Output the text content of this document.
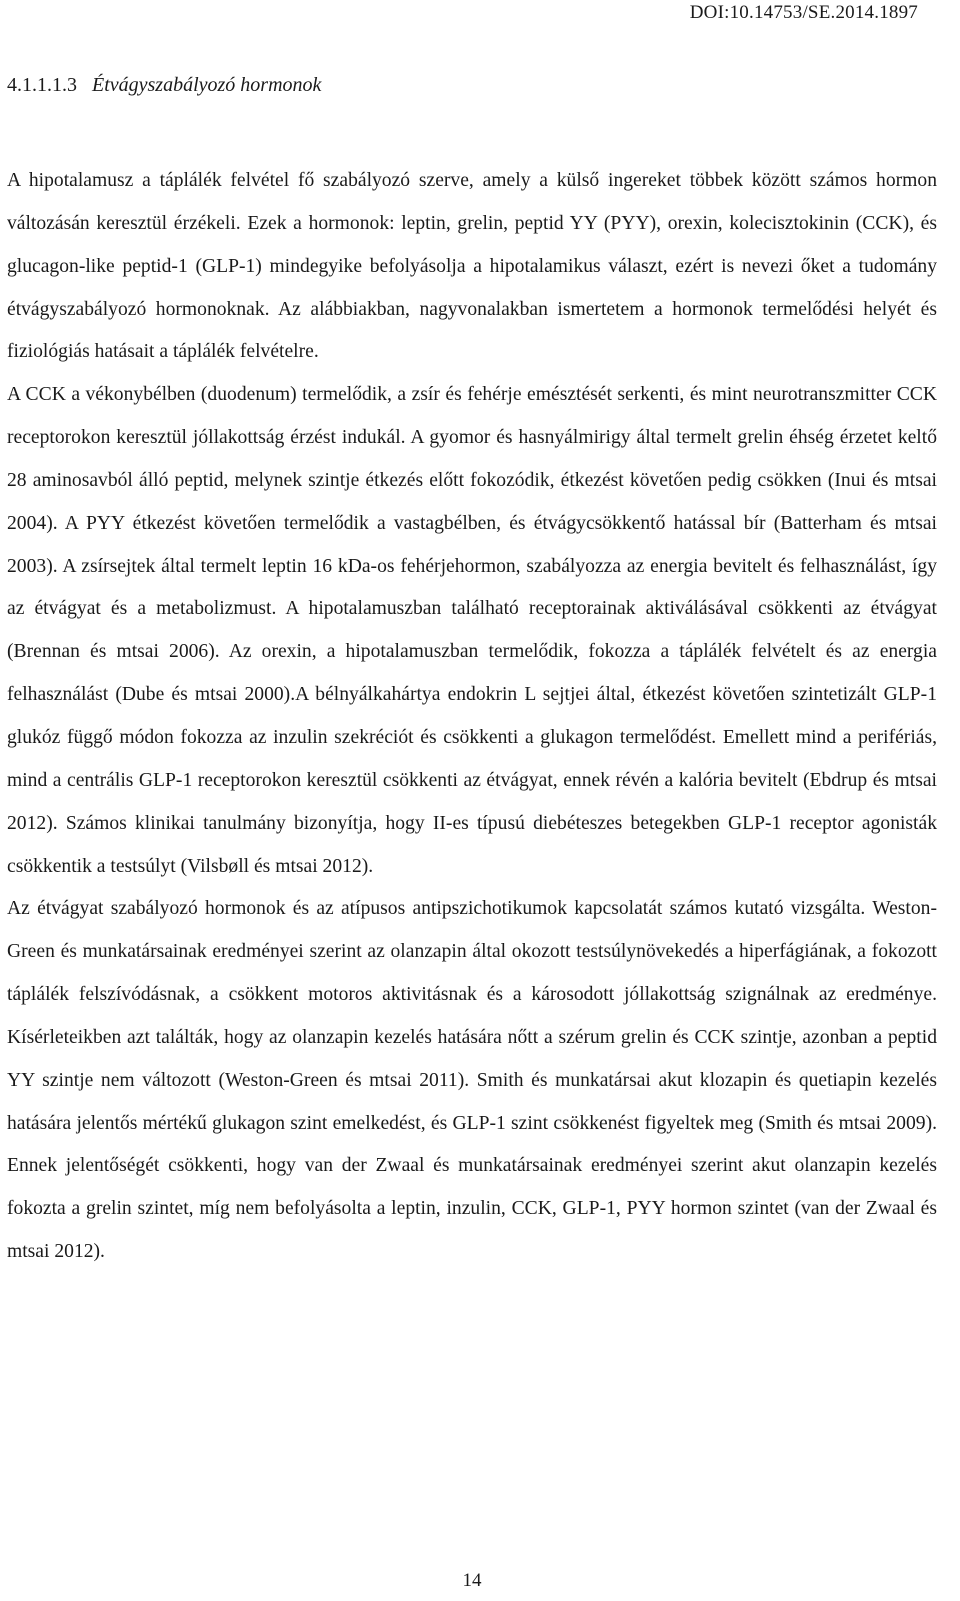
DOI:10.14753/SE.2014.1897
4.1.1.1.3 Étvágyszabályozó hormonok

A hipotalamusz a táplálék felvétel fő szabályozó szerve, amely a külső ingereket többek között számos hormon változásán keresztül érzékeli. Ezek a hormonok: leptin, grelin, peptid YY (PYY), orexin, kolecisztokinin (CCK), és glucagon-like peptid-1 (GLP-1) mindegyike befolyásolja a hipotalamikus választ, ezért is nevezi őket a tudomány étvágyszabályozó hormonoknak. Az alábbiakban, nagyvonalakban ismertetem a hormonok termelődési helyét és fiziológiás hatásait a táplálék felvételre.

A CCK a vékonybélben (duodenum) termelődik, a zsír és fehérje emésztését serkenti, és mint neurotranszmitter CCK receptorokon keresztül jóllakottság érzést indukál. A gyomor és hasnyálmirigy által termelt grelin éhség érzetet keltő 28 aminosavból álló peptid, melynek szintje étkezés előtt fokozódik, étkezést követően pedig csökken (Inui és mtsai 2004). A PYY étkezést követően termelődik a vastagbélben, és étvágycsökkentő hatással bír (Batterham és mtsai 2003). A zsírsejtek által termelt leptin 16 kDa-os fehérjehormon, szabályozza az energia bevitelt és felhasználást, így az étvágyat és a metabolizmust. A hipotalamuszban található receptorainak aktiválásával csökkenti az étvágyat (Brennan és mtsai 2006). Az orexin, a hipotalamuszban termelődik, fokozza a táplálék felvételt és az energia felhasználást (Dube és mtsai 2000).A bélnyálkahártya endokrin L sejtjei által, étkezést követően szintetizált GLP-1 glukóz függő módon fokozza az inzulin szekréciót és csökkenti a glukagon termelődést. Emellett mind a perifériás, mind a centrális GLP-1 receptorokon keresztül csökkenti az étvágyat, ennek révén a kalória bevitelt (Ebdrup és mtsai 2012). Számos klinikai tanulmány bizonyítja, hogy II-es típusú diebéteszes betegekben GLP-1 receptor agonisták csökkentik a testsúlyt (Vilsbøll és mtsai 2012).

Az étvágyat szabályozó hormonok és az atípusos antipszichotikumok kapcsolatát számos kutató vizsgálta. Weston-Green és munkatársainak eredményei szerint az olanzapin által okozott testsúlynövekedés a hiperfágiának, a fokozott táplálék felszívódásnak, a csökkent motoros aktivitásnak és a károsodott jóllakottság szignálnak az eredménye. Kísérleteikben azt találták, hogy az olanzapin kezelés hatására nőtt a szérum grelin és CCK szintje, azonban a peptid YY szintje nem változott (Weston-Green és mtsai 2011). Smith és munkatársai akut klozapin és quetiapin kezelés hatására jelentős mértékű glukagon szint emelkedést, és GLP-1 szint csökkenést figyeltek meg (Smith és mtsai 2009). Ennek jelentőségét csökkenti, hogy van der Zwaal és munkatársainak eredményei szerint akut olanzapin kezelés fokozta a grelin szintet, míg nem befolyásolta a leptin, inzulin, CCK, GLP-1, PYY hormon szintet (van der Zwaal és mtsai 2012).

14
